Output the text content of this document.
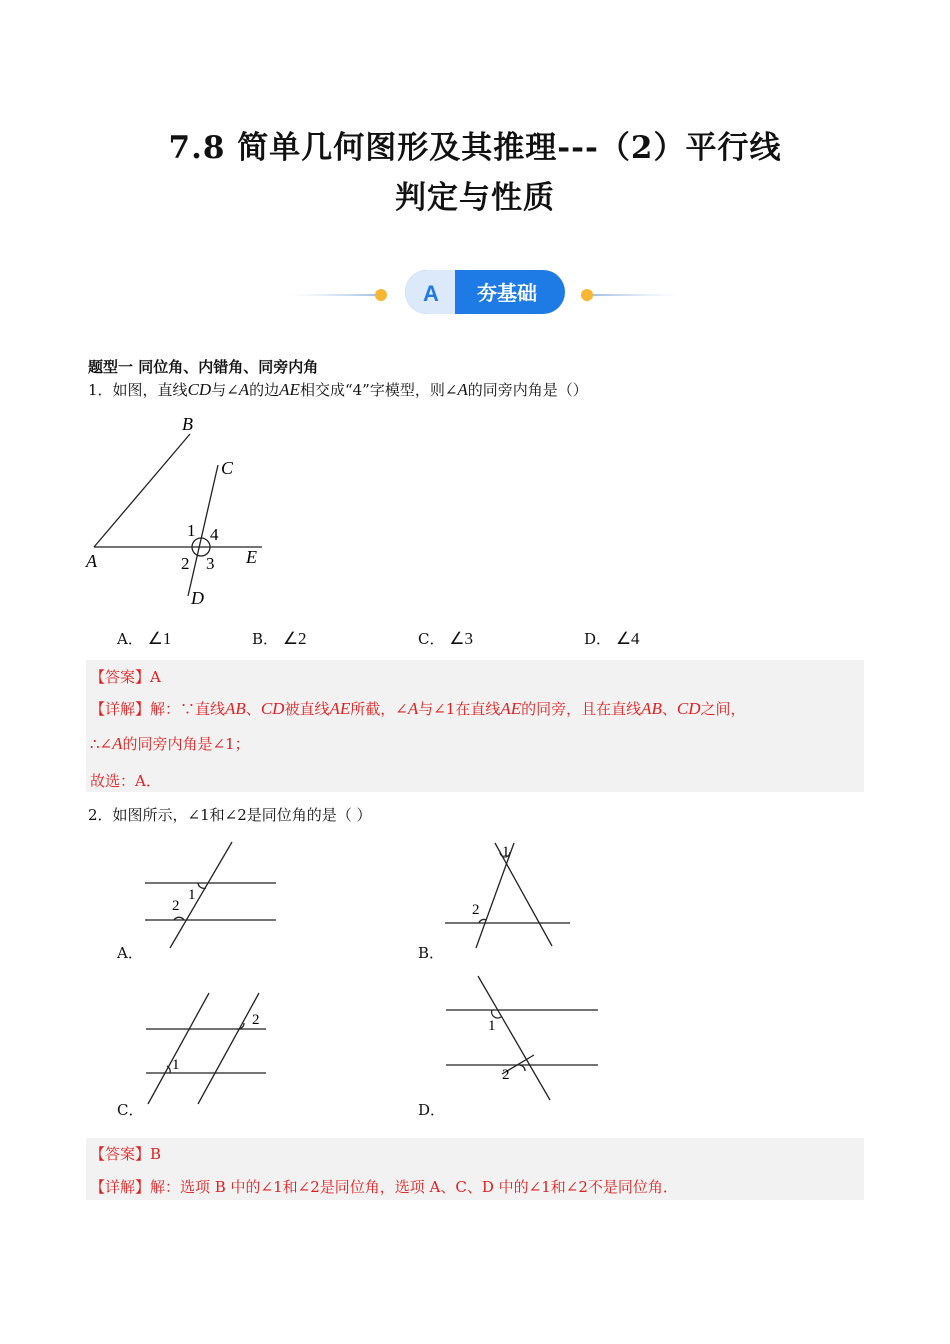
7.8 简单几何图形及其推理---（2）平行线
判定与性质
A 夯基础
题型一 同位角、内错角、同旁内角
1．如图，直线CD与∠A的边AE相交成“4”字模型，则∠A的同旁内角是（）
B
C
A	E
D
1 4
2 3
A． ∠1	B． ∠2	C． ∠3	D． ∠4
【答案】A
【详解】解：∵直线AB、CD被直线AE所截，∠A与∠1在直线AE的同旁，且在直线AB、CD之间，
∴∠A的同旁内角是∠1；
故选：A．
2．如图所示，∠1和∠2是同位角的是（ ）
1
2
A．
1
2
B．
1
2
C．
1
2
D．
【答案】B
【详解】解：选项 B 中的∠1和∠2是同位角，选项 A、C、D 中的∠1和∠2不是同位角．
